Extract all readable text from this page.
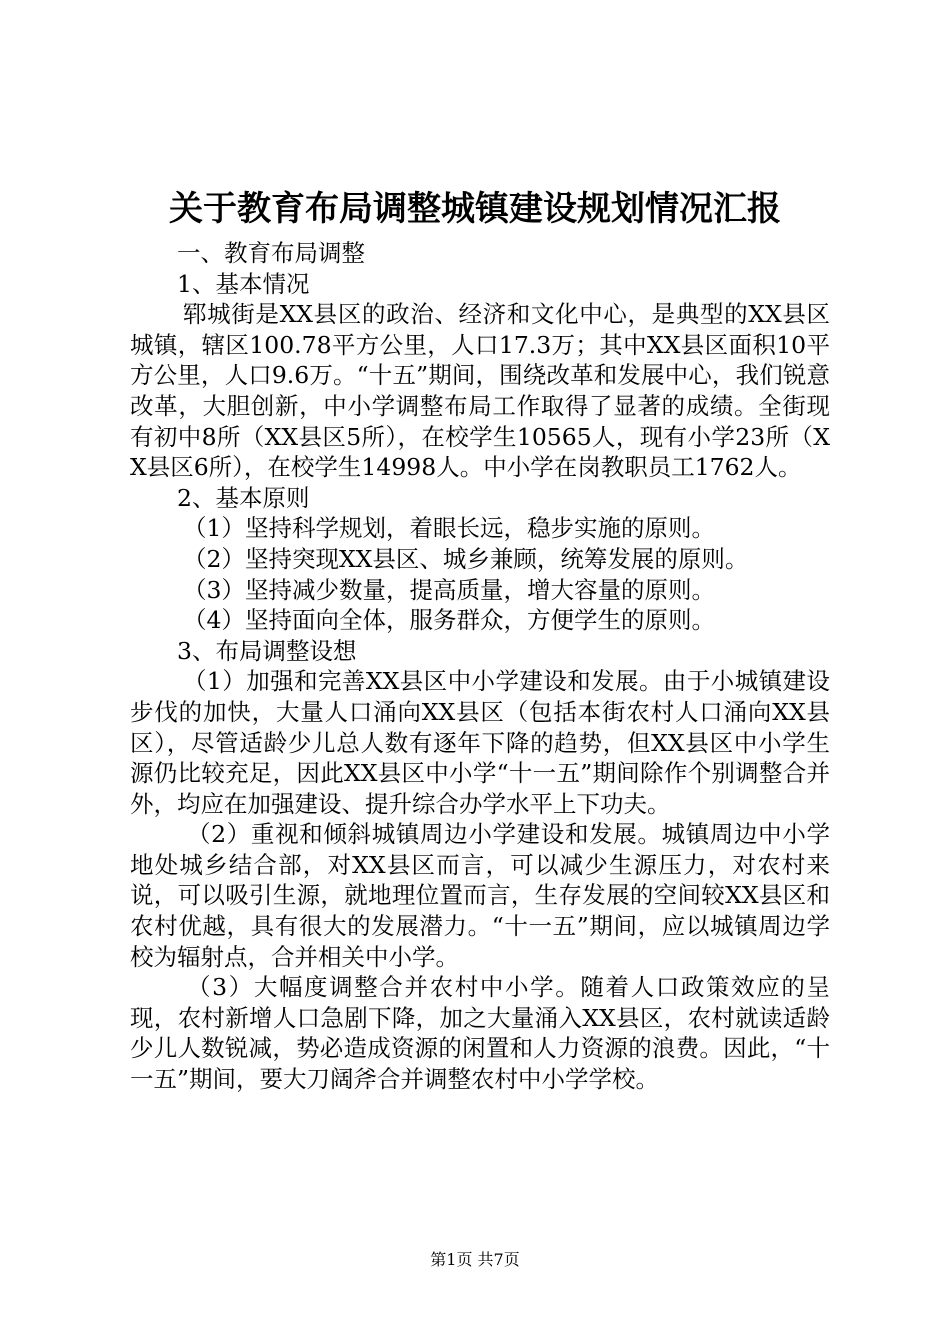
关于教育布局调整城镇建设规划情况汇报

一、教育布局调整

1、基本情况

郓城街是XX县区的政治、经济和文化中心，是典型的XX县区城镇，辖区100.78平方公里，人口17.3万；其中XX县区面积10平方公里，人口9.6万。“十五”期间，围绕改革和发展中心，我们锐意改革，大胆创新，中小学调整布局工作取得了显著的成绩。全街现有初中8所（XX县区5所），在校学生10565人，现有小学23所（XX县区6所），在校学生14998人。中小学在岗教职员工1762人。

2、基本原则

（1）坚持科学规划，着眼长远，稳步实施的原则。

（2）坚持突现XX县区、城乡兼顾，统筹发展的原则。

（3）坚持减少数量，提高质量，增大容量的原则。

（4）坚持面向全体，服务群众，方便学生的原则。

3、布局调整设想

（1）加强和完善XX县区中小学建设和发展。由于小城镇建设步伐的加快，大量人口涌向XX县区（包括本街农村人口涌向XX县区），尽管适龄少儿总人数有逐年下降的趋势，但XX县区中小学生源仍比较充足，因此XX县区中小学“十一五”期间除作个别调整合并外，均应在加强建设、提升综合办学水平上下功夫。

（2）重视和倾斜城镇周边小学建设和发展。城镇周边中小学地处城乡结合部，对XX县区而言，可以减少生源压力，对农村来说，可以吸引生源，就地理位置而言，生存发展的空间较XX县区和农村优越，具有很大的发展潜力。“十一五”期间，应以城镇周边学校为辐射点，合并相关中小学。

（3）大幅度调整合并农村中小学。随着人口政策效应的呈现，农村新增人口急剧下降，加之大量涌入XX县区，农村就读适龄少儿人数锐减，势必造成资源的闲置和人力资源的浪费。因此，“十一五”期间，要大刀阔斧合并调整农村中小学学校。

第1页 共7页
